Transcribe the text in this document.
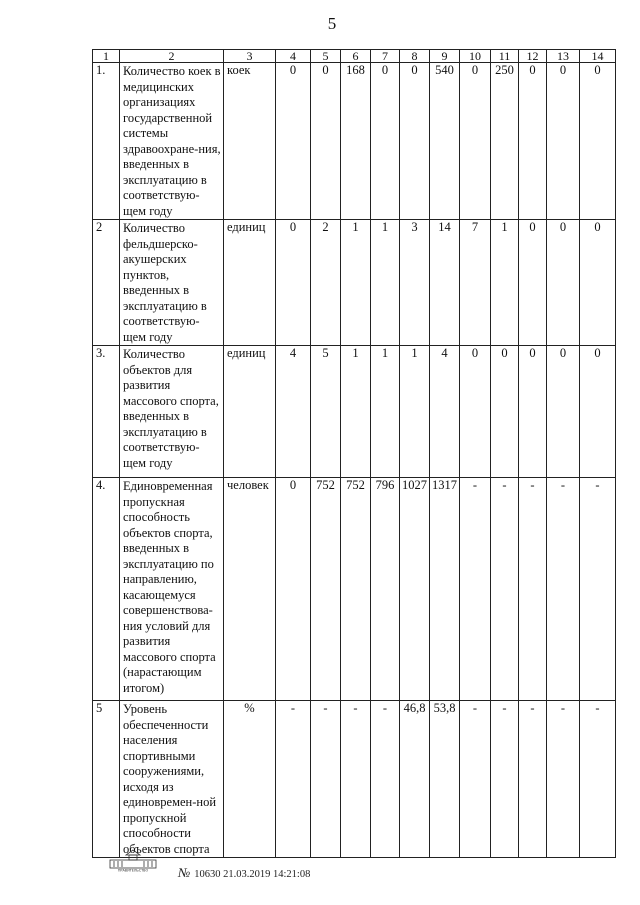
5
1	2	3	4	5	6	7	8	9	10	11	12	13	14
1.	Количество коек в медицинских организациях государственной системы здравоохране-ния, введенных в эксплуатацию в соответствую-щем году	коек	0	0	168	0	0	540	0	250	0	0	0
2	Количество фельдшерско-акушерских пунктов, введенных в эксплуатацию в соответствую-щем году	единиц	0	2	1	1	3	14	7	1	0	0	0
3.	Количество объектов для развития массового спорта, введенных в эксплуатацию в соответствую-щем году	единиц	4	5	1	1	1	4	0	0	0	0	0
4.	Единовременная пропускная способность объектов спорта, введенных в эксплуатацию по направлению, касающемуся совершенствова-ния условий для развития массового спорта (нарастающим итогом)	человек	0	752	752	796	1027	1317	-	-	-	-	-
5	Уровень обеспеченности населения спортивными сооружениями, исходя из единовремен-ной пропускной способности объектов спорта	%	-	-	-	-	46,8	53,8	-	-	-	-	-
ПРАВИТЕЛЬСТВО № 10630 21.03.2019 14:21:08
